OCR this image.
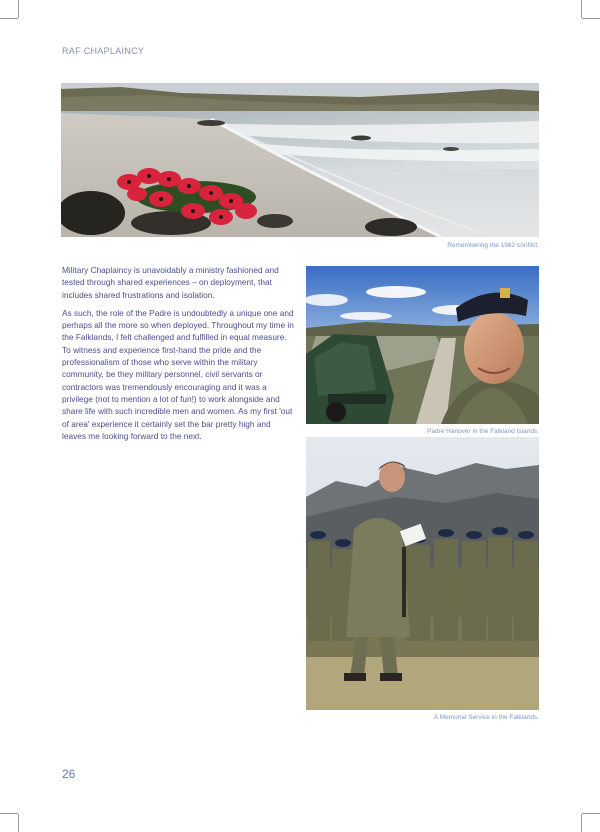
RAF CHAPLAINCY
Remembering the 1982 conflict.

Military Chaplaincy is unavoidably a ministry fashioned and tested through shared experiences – on deployment, that includes shared frustrations and isolation.

As such, the role of the Padre is undoubtedly a unique one and perhaps all the more so when deployed. Throughout my time in the Falklands, I felt challenged and fulfilled in equal measure. To witness and experience first-hand the pride and the professionalism of those who serve within the military community, be they military personnel, civil servants or contractors was tremendously encouraging and it was a privilege (not to mention a lot of fun!) to work alongside and share life with such incredible men and women. As my first 'out of area' experience it certainly set the bar pretty high and leaves me looking forward to the next.	Padre Hanover in the Falkland Islands.
A Memorial Service in the Falklands.
26
